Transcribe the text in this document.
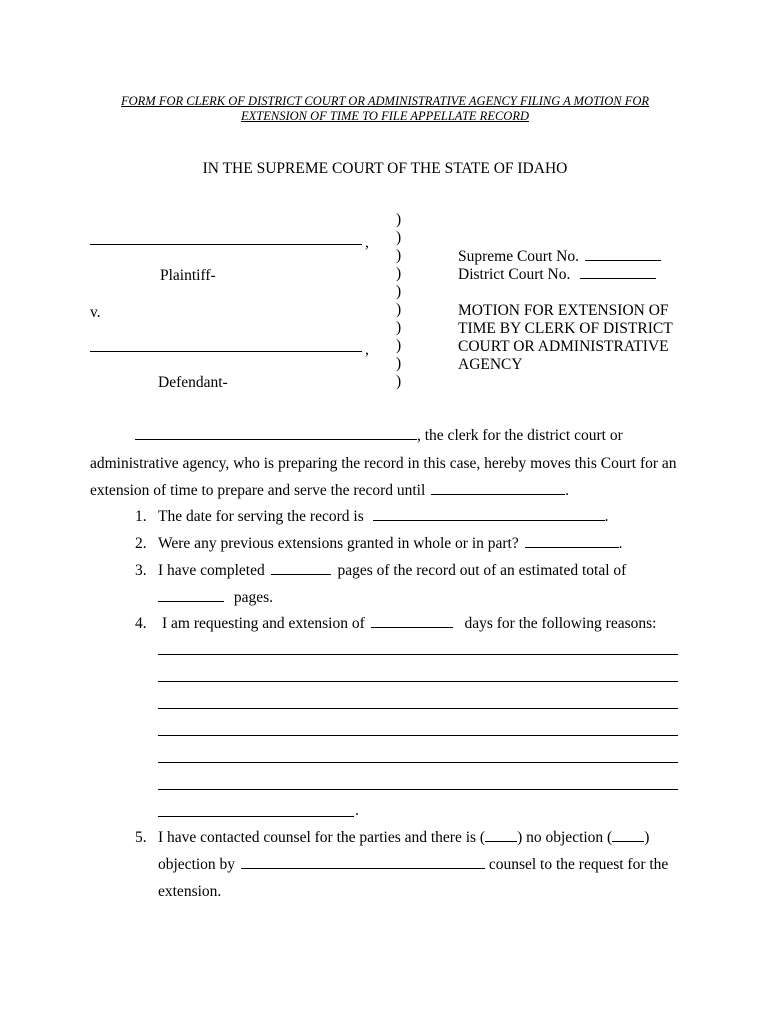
FORM FOR CLERK OF DISTRICT COURT OR ADMINISTRATIVE AGENCY FILING A MOTION FOR
EXTENSION OF TIME TO FILE APPELLATE RECORD
IN THE SUPREME COURT OF THE STATE OF IDAHO
,
Plaintiff-
v.
,
Defendant-
)
)
)
)
)
)
)
)
)
)
Supreme Court No.
District Court No.
MOTION FOR EXTENSION OF
TIME BY CLERK OF DISTRICT
COURT OR ADMINISTRATIVE
AGENCY
, the clerk for the district court or
administrative agency, who is preparing the record in this case, hereby moves this Court for an
extension of time to prepare and serve the record until	.
1. The date for serving the record is	.
2. Were any previous extensions granted in whole or in part?	.
3. I have completed	pages of the record out of an estimated total of
pages.
4. I am requesting and extension of	days for the following reasons:
.
5. I have contacted counsel for the parties and there is ( ) no objection ( )
objection by	counsel to the request for the
extension.
